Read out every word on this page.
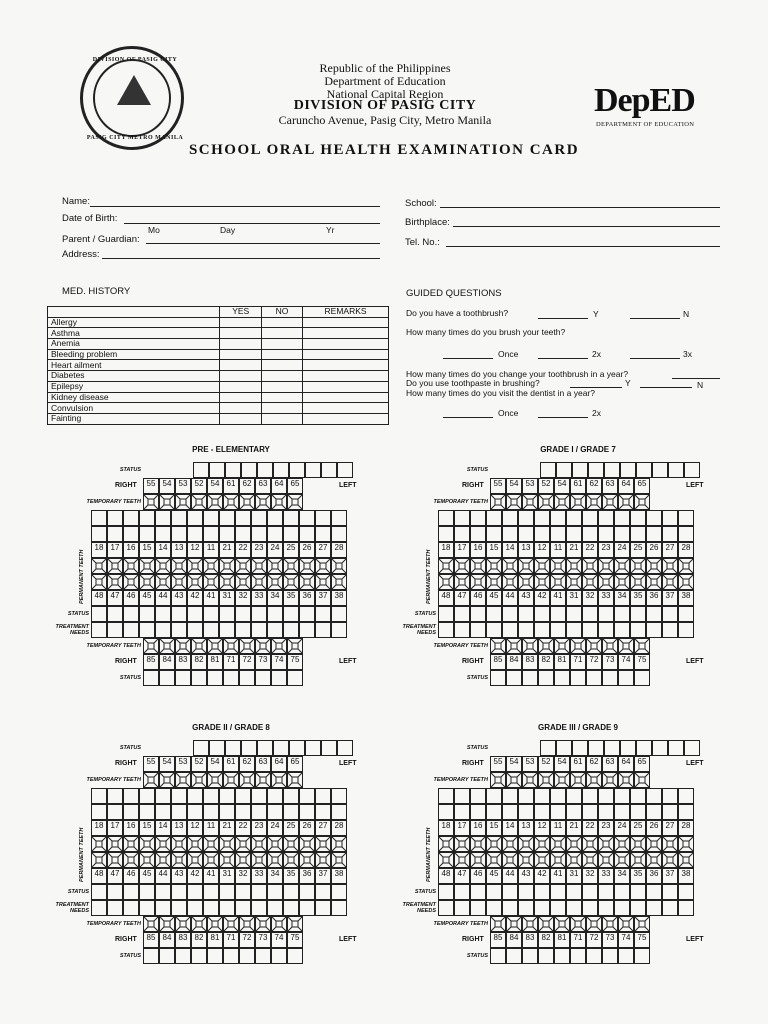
DIVISION OF PASIG CITY
PASIG CITY METRO MANILA
Republic of the Philippines
Department of Education
National Capital Region
DIVISION OF PASIG CITY
Caruncho Avenue, Pasig City, Metro Manila
DepED
DEPARTMENT OF EDUCATION
SCHOOL ORAL HEALTH EXAMINATION CARD
Name:
Date of Birth:
Mo	Day	Yr
Parent / Guardian:
Address:
School:
Birthplace:
Tel. No.:
MED. HISTORY
	YES	NO	REMARKS
Allergy			
Asthma			
Anemia			
Bleeding problem			
Heart ailment			
Diabetes			
Epilepsy			
Kidney disease			
Convulsion			
Fainting			
GUIDED QUESTIONS
Do you have a toothbrush?	Y	N
How many times do you brush your teeth?
Once	2x	3x
How many times do you change your toothbrush in a year?
Do you use toothpaste in brushing?	Y	N
How many times do you visit the dentist in a year?
Once	2x
PRE - ELEMENTARY
STATUS
RIGHT	55 54 53 52 54 61 62 63 64 65	LEFT
TEMPORARY TEETH
18 17 16 15 14 13 12 11 21 22 23 24 25 26 27 28
48 47 46 45 44 43 42 41 31 32 33 34 35 36 37 38
PERMANENT TEETH
STATUS
TREATMENT NEEDS
TEMPORARY TEETH
RIGHT	85 84 83 82 81 71 72 73 74 75	LEFT
STATUS
GRADE I / GRADE 7
STATUS
RIGHT	55 54 53 52 54 61 62 63 64 65	LEFT
TEMPORARY TEETH
18 17 16 15 14 13 12 11 21 22 23 24 25 26 27 28
48 47 46 45 44 43 42 41 31 32 33 34 35 36 37 38
PERMANENT TEETH
STATUS
TREATMENT NEEDS
TEMPORARY TEETH
RIGHT	85 84 83 82 81 71 72 73 74 75	LEFT
STATUS
GRADE II / GRADE 8
STATUS
RIGHT	55 54 53 52 54 61 62 63 64 65	LEFT
TEMPORARY TEETH
18 17 16 15 14 13 12 11 21 22 23 24 25 26 27 28
48 47 46 45 44 43 42 41 31 32 33 34 35 36 37 38
PERMANENT TEETH
STATUS
TREATMENT NEEDS
TEMPORARY TEETH
RIGHT	85 84 83 82 81 71 72 73 74 75	LEFT
STATUS
GRADE III / GRADE 9
STATUS
RIGHT	55 54 53 52 54 61 62 63 64 65	LEFT
TEMPORARY TEETH
18 17 16 15 14 13 12 11 21 22 23 24 25 26 27 28
48 47 46 45 44 43 42 41 31 32 33 34 35 36 37 38
PERMANENT TEETH
STATUS
TREATMENT NEEDS
TEMPORARY TEETH
RIGHT	85 84 83 82 81 71 72 73 74 75	LEFT
STATUS
